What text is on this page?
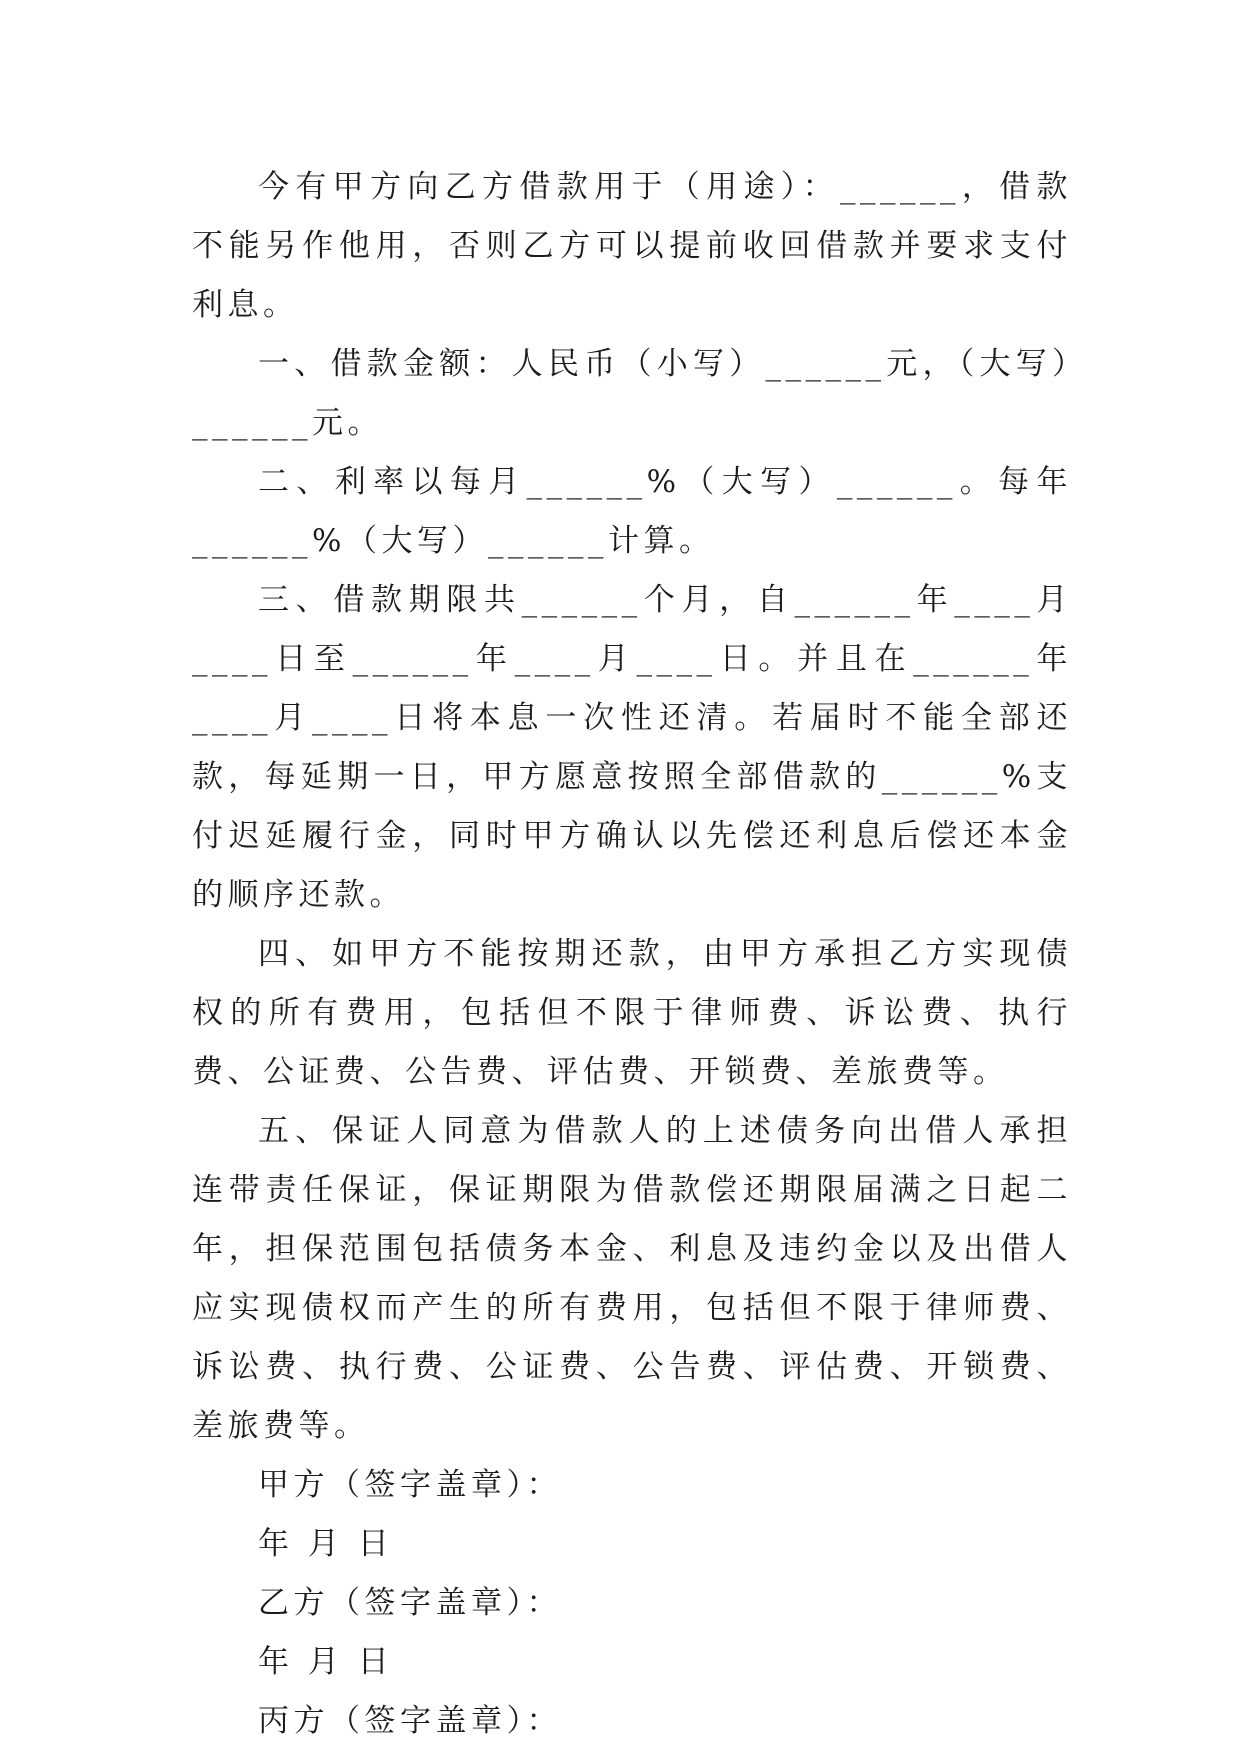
今有甲方向乙方借款用于（用途）：______，借款不能另作他用，否则乙方可以提前收回借款并要求支付利息。

一、借款金额：人民币（小写）______元，（大写）______元。

二、利率以每月______%（大写）______。每年______%（大写）______计算。

三、借款期限共______个月，自______年____月____日至______年____月____日。并且在______年____月____日将本息一次性还清。若届时不能全部还款，每延期一日，甲方愿意按照全部借款的______%支付迟延履行金，同时甲方确认以先偿还利息后偿还本金的顺序还款。

四、如甲方不能按期还款，由甲方承担乙方实现债权的所有费用，包括但不限于律师费、诉讼费、执行费、公证费、公告费、评估费、开锁费、差旅费等。

五、保证人同意为借款人的上述债务向出借人承担连带责任保证，保证期限为借款偿还期限届满之日起二年，担保范围包括债务本金、利息及违约金以及出借人应实现债权而产生的所有费用，包括但不限于律师费、诉讼费、执行费、公证费、公告费、评估费、开锁费、差旅费等。

甲方（签字盖章）：

年 月 日

乙方（签字盖章）：

年 月 日

丙方（签字盖章）：
